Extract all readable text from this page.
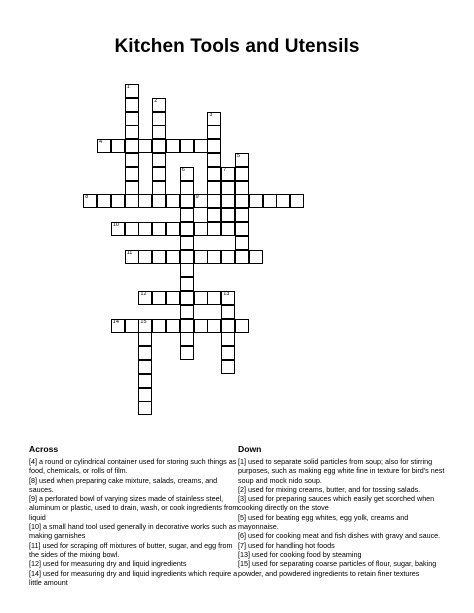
Kitchen Tools and Utensils
1
2
3
4
5
6	7
8	9
10
11
12	13
14	15
Across
[4] a round or cylindrical container used for storing such things as food, chemicals, or rolls of film.
[8] used when preparing cake mixture, salads, creams, and sauces.
[9] a perforated bowl of varying sizes made of stainless steel, aluminum or plastic, used to drain, wash, or cook ingredients from liquid
[10] a small hand tool used generally in decorative works such as making garnishes
[11] used for scraping off mixtures of butter, sugar, and egg from the sides of the mixing bowl.
[12] used for measuring dry and liquid ingredients
[14] used for measuring dry and liquid ingredients which require a little amount
Down
[1] used to separate solid particles from soup; also for stirring purposes, such as making egg white fine in texture for bird's nest soup and mock nido soup.
[2] used for mixing creams, butter, and for tossing salads.
[3] used for preparing sauces which easily get scorched when cooking directly on the stove
[5] used for beating egg whites, egg yolk, creams and mayonnaise.
[6] used for cooking meat and fish dishes with gravy and sauce.
[7] used for handling hot foods
[13] used for cooking food by steaming
[15] used for separating coarse particles of flour, sugar, baking powder, and powdered ingredients to retain finer textures
